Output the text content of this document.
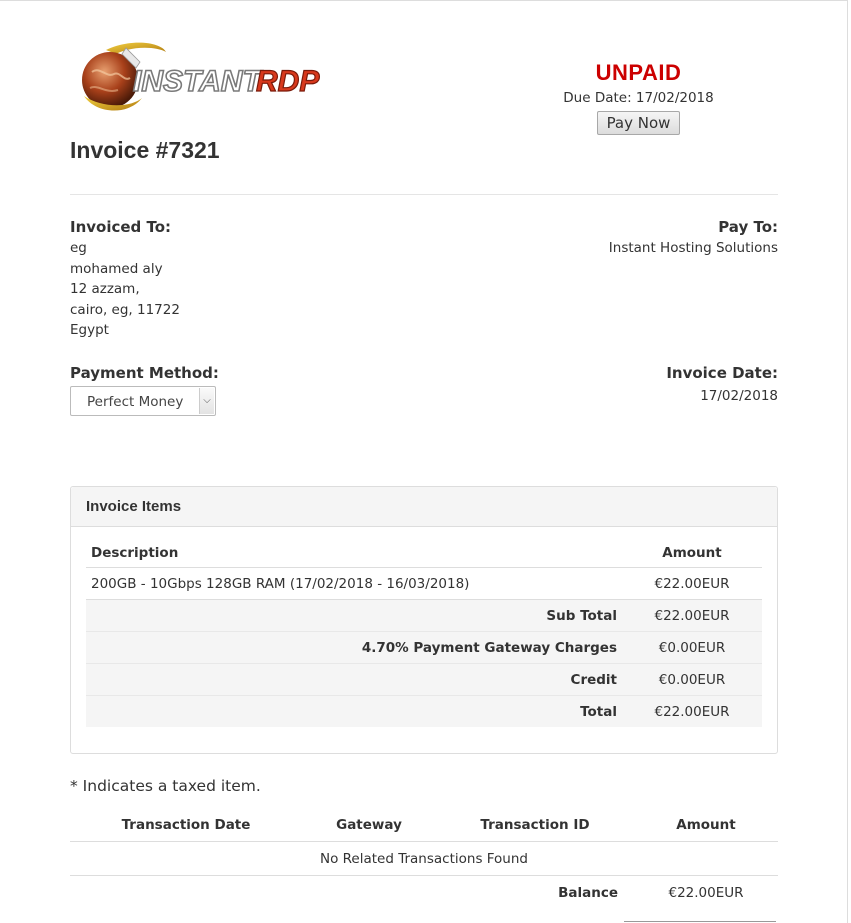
INSTANT
RDP
Invoice #7321
UNPAID
Due Date: 17/02/2018
Pay Now
Invoiced To:
eg
mohamed aly
12 azzam,
cairo, eg, 11722
Egypt
Pay To:
Instant Hosting Solutions
Payment Method:
Perfect Money	⌵
Invoice Date:
17/02/2018
Invoice Items
Description	Amount
200GB - 10Gbps 128GB RAM (17/02/2018 - 16/03/2018)	€22.00EUR
Sub Total	€22.00EUR
4.70% Payment Gateway Charges	€0.00EUR
Credit	€0.00EUR
Total	€22.00EUR
* Indicates a taxed item.
Transaction Date	Gateway	Transaction ID	Amount
No Related Transactions Found			
Balance			€22.00EUR
